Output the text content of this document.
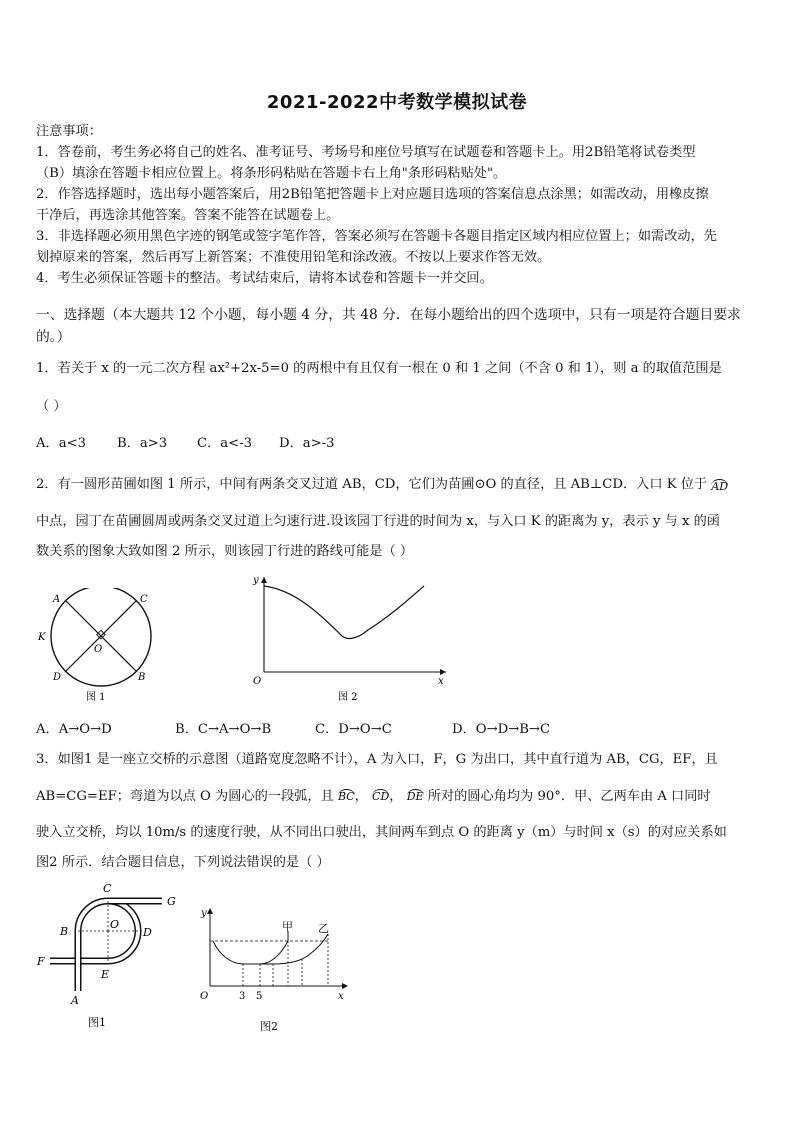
2021-2022中考数学模拟试卷
注意事项：
1．答卷前，考生务必将自己的姓名、准考证号、考场号和座位号填写在试题卷和答题卡上。用2B铅笔将试卷类型
（B）填涂在答题卡相应位置上。将条形码粘贴在答题卡右上角"条形码粘贴处"。
2．作答选择题时，选出每小题答案后，用2B铅笔把答题卡上对应题目选项的答案信息点涂黑；如需改动，用橡皮擦
干净后，再选涂其他答案。答案不能答在试题卷上。
3．非选择题必须用黑色字迹的钢笔或签字笔作答，答案必须写在答题卡各题目指定区域内相应位置上；如需改动，先
划掉原来的答案，然后再写上新答案；不准使用铅笔和涂改液。不按以上要求作答无效。
4．考生必须保证答题卡的整洁。考试结束后，请将本试卷和答题卡一并交回。
一、选择题（本大题共 12 个小题，每小题 4 分，共 48 分．在每小题给出的四个选项中，只有一项是符合题目要求
的。）
1．若关于 x 的一元二次方程 ax²+2x-5=0 的两根中有且仅有一根在 0 和 1 之间（不含 0 和 1），则 a 的取值范围是
（ ）
A．a<3 B．a>3 C．a<-3 D．a>-3
2．有一圆形苗圃如图 1 所示，中间有两条交叉过道 AB，CD，它们为苗圃⊙O 的直径，且 AB⊥CD．入口 K 位于 AD
中点，园丁在苗圃圆周或两条交叉过道上匀速行进.设该园丁行进的时间为 x，与入口 K 的距离为 y，表示 y 与 x 的函
数关系的图象大致如图 2 所示，则该园丁行进的路线可能是（ ）
A	C
K
O
D	B
图 1
y
x
O
图 2
A．A→O→D	B．C→A→O→B	C．D→O→C	D．O→D→B→C
3．如图1 是一座立交桥的示意图（道路宽度忽略不计），A 为入口，F，G 为出口，其中直行道为 AB，CG，EF，且
AB=CG=EF；弯道为以点 O 为圆心的一段弧，且 BC， CD， DE 所对的圆心角均为 90°．甲、乙两车由 A 口同时
驶入立交桥，均以 10m/s 的速度行驶，从不同出口驶出，其间两车到点 O 的距离 y（m）与时间 x（s）的对应关系如
图2 所示．结合题目信息，下列说法错误的是（ ）
C
G
B
O
D
F
E
A
图1
y
x
O	3 5
甲 乙
图2
